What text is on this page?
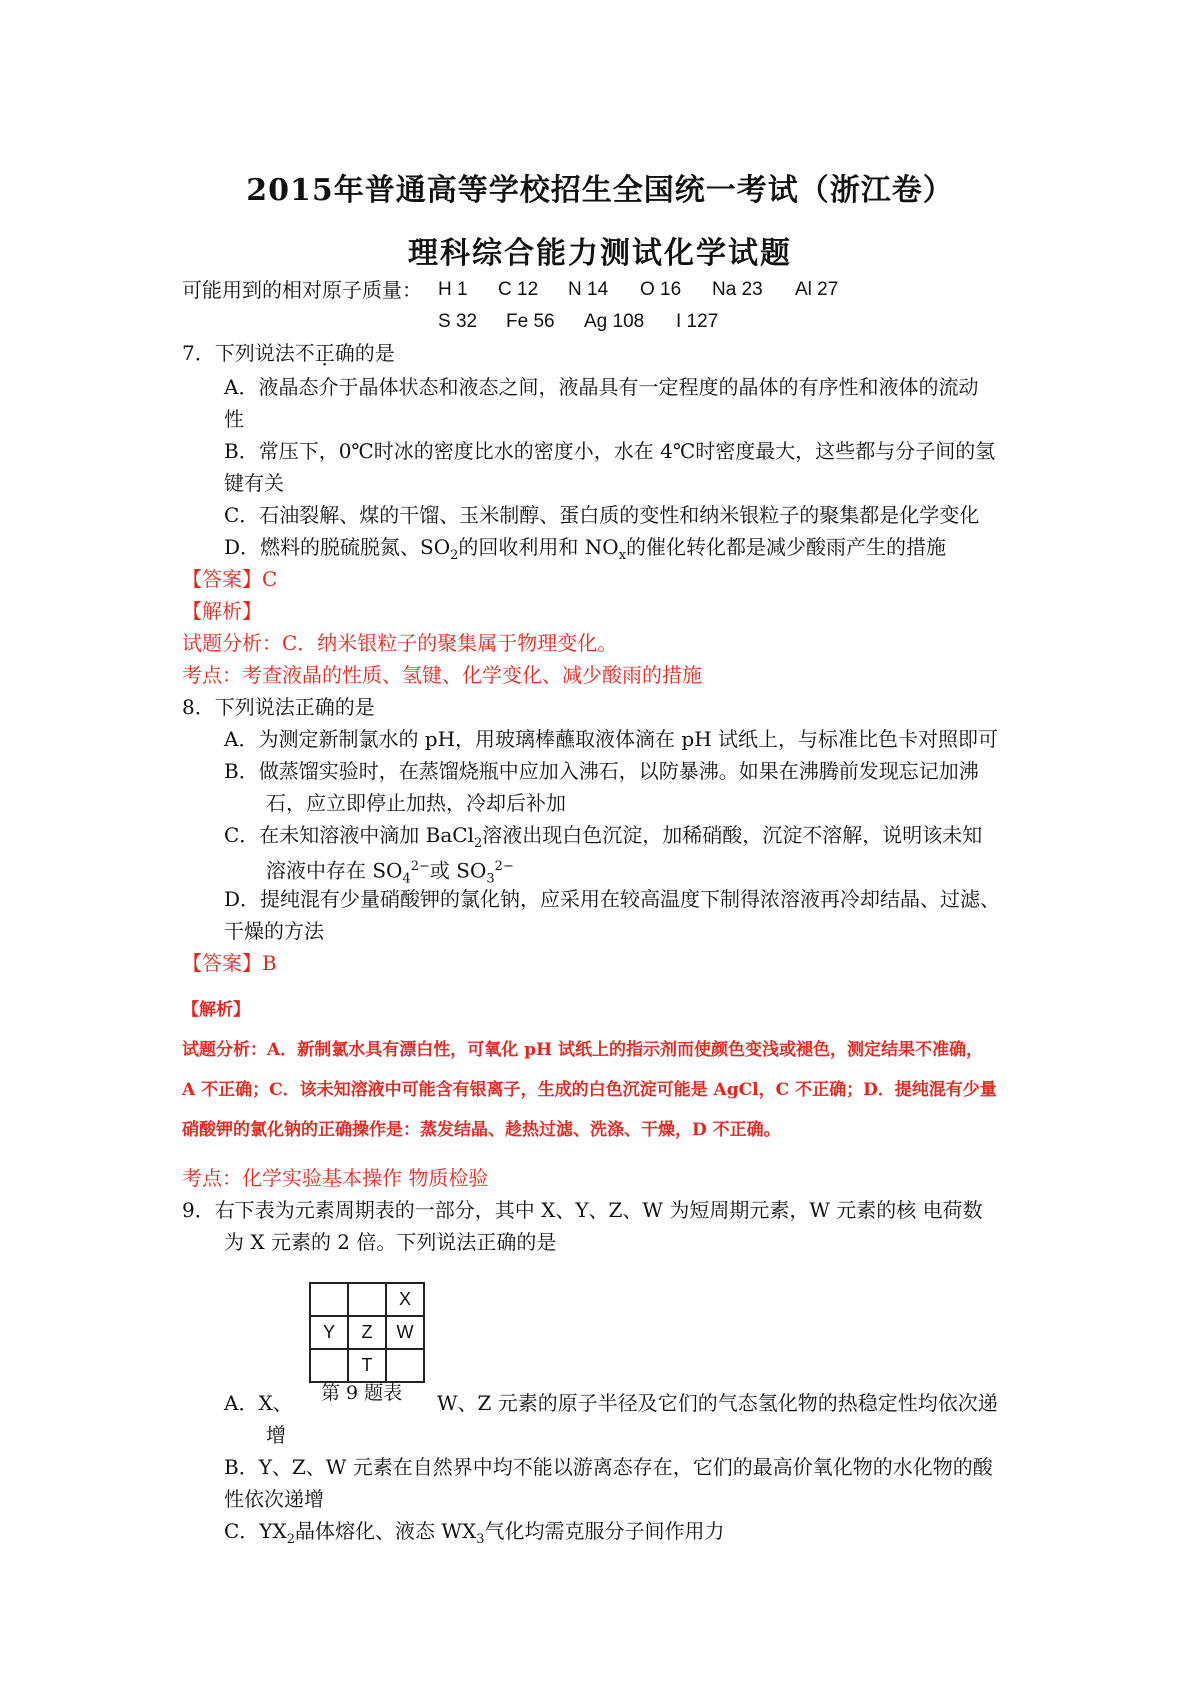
2015年普通高等学校招生全国统一考试（浙江卷）
理科综合能力测试化学试题
可能用到的相对原子质量： H 1 C 12 N 14 O 16 Na 23 Al 27
S 32 Fe 56 Ag 108 I 127
7．下列说法不正确的是
A．液晶态介于晶体状态和液态之间，液晶具有一定程度的晶体的有序性和液体的流动
性
B．常压下，0℃时冰的密度比水的密度小，水在 4℃时密度最大，这些都与分子间的氢
键有关
C．石油裂解、煤的干馏、玉米制醇、蛋白质的变性和纳米银粒子的聚集都是化学变化
D．燃料的脱硫脱氮、$SO_2$的回收利用和 $NO_x$的催化转化都是减少酸雨产生的措施
【答案】C
【解析】
试题分析：C．纳米银粒子的聚集属于物理变化。
考点：考查液晶的性质、氢键、化学变化、减少酸雨的措施
8．下列说法正确的是
A．为测定新制氯水的 pH，用玻璃棒蘸取液体滴在 pH 试纸上，与标准比色卡对照即可
B．做蒸馏实验时，在蒸馏烧瓶中应加入沸石，以防暴沸。如果在沸腾前发现忘记加沸
石，应立即停止加热，冷却后补加
C．在未知溶液中滴加 BaCl$_2$溶液出现白色沉淀，加稀硝酸，沉淀不溶解，说明该未知
溶液中存在 $SO_4^{2-}$或 $SO_3^{2-}$
D．提纯混有少量硝酸钾的氯化钠，应采用在较高温度下制得浓溶液再冷却结晶、过滤、
干燥的方法
【答案】B
【解析】
试题分析：A．新制氯水具有漂白性，可氧化 pH 试纸上的指示剂而使颜色变浅或褪色，测定结果不准确，
A 不正确；C．该未知溶液中可能含有银离子，生成的白色沉淀可能是 AgCl，C 不正确；D．提纯混有少量
硝酸钾的氯化钠的正确操作是：蒸发结晶、趁热过滤、洗涤、干燥，D 不正确。
考点：化学实验基本操作 物质检验
9．右下表为元素周期表的一部分，其中 X、Y、Z、W 为短周期元素，W 元素的核 电荷数
为 X 元素的 2 倍。下列说法正确的是
		X
Y	Z	W
	T	
第 9 题表
A．X、	W、Z 元素的原子半径及它们的气态氢化物的热稳定性均依次递
增
B．Y、Z、W 元素在自然界中均不能以游离态存在，它们的最高价氧化物的水化物的酸
性依次递增
C．$YX_2$晶体熔化、液态 $WX_3$气化均需克服分子间作用力
